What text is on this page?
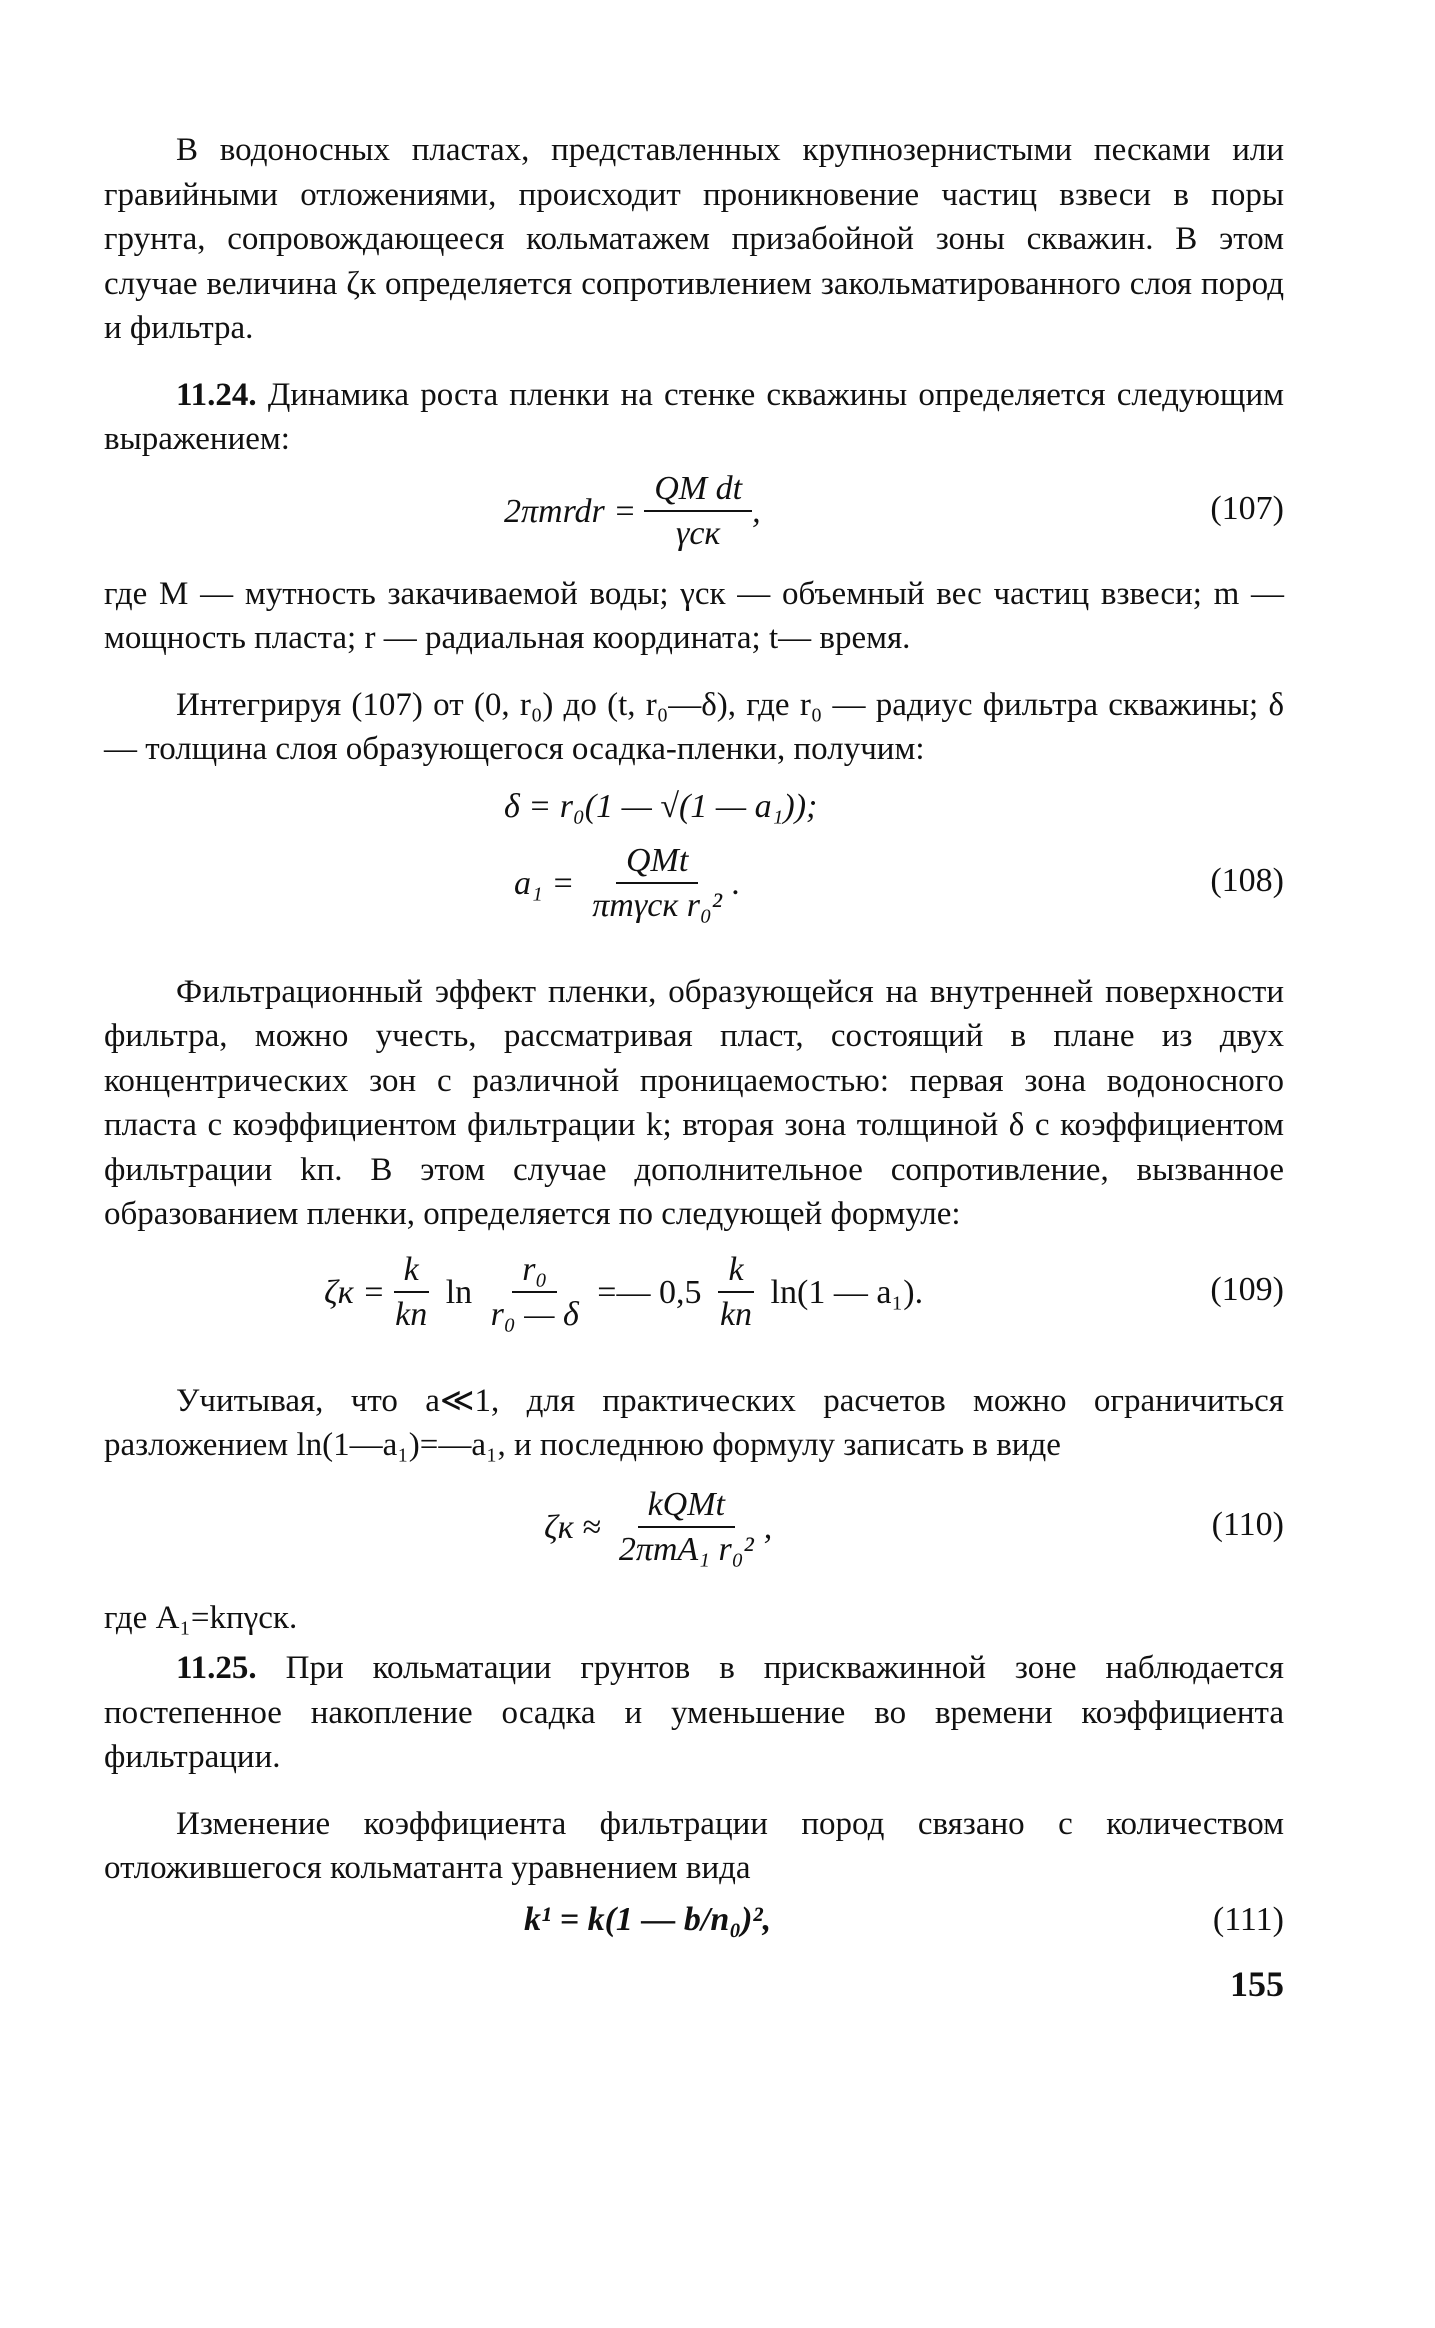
В водоносных пластах, представленных крупнозернистыми песками или гравийными отложениями, происходит проникновение частиц взвеси в поры грунта, сопровождающееся кольматажем призабойной зоны скважин. В этом случае величина ζк определяется сопротивлением закольматированного слоя пород и фильтра.

11.24. Динамика роста пленки на стенке скважины определяется следующим выражением:

2πmrdr = $\frac{\text{QM dt}}{\text{γск}}$ ,	(107)

где M — мутность закачиваемой воды; γск — объемный вес частиц взвеси; m — мощность пласта; r — радиальная координата; t— время.

Интегрируя (107) от (0, r₀) до (t, r₀—δ), где r₀ — радиус фильтра скважины; δ — толщина слоя образующегося осадка-пленки, получим:

δ = r₀(1 — √(1 — a₁));
$a_1 = \frac{\text{QMt}}{\text{πmγск r₀²}}$ .	(108)

Фильтрационный эффект пленки, образующейся на внутренней поверхности фильтра, можно учесть, рассматривая пласт, состоящий в плане из двух концентрических зон с различной проницаемостью: первая зона водоносного пласта с коэффициентом фильтрации k; вторая зона толщиной δ с коэффициентом фильтрации kп. В этом случае дополнительное сопротивление, вызванное образованием пленки, определяется по следующей формуле:

$\zeta к = \frac{k}{kп}$ $\ln \frac{\text{r₀}}{\text{r₀ — δ}}$ =— $0,5 \frac{k}{kп} \ln(1$ — a₁).	(109)

Учитывая, что a≪1, для практических расчетов можно ограничиться разложением ln(1—a₁)=—a₁, и последнюю формулу записать в виде

$\zeta к \approx \frac{\text{kQMt}}{\text{2πmA₁ r₀²}}$ ,	(110)

где A₁=kпγск.

11.25. При кольматации грунтов в прискважинной зоне наблюдается постепенное накопление осадка и уменьшение во времени коэффициента фильтрации.

Изменение коэффициента фильтрации пород связано с количеством отложившегося кольматанта уравнением вида

k¹ = k(1 — b/n₀)²,	(111)
155
